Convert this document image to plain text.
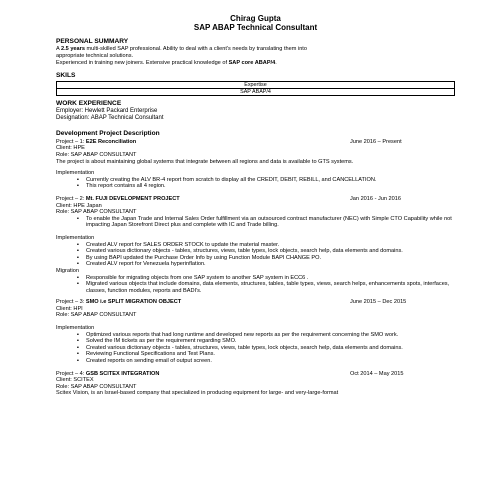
Chirag Gupta

SAP ABAP Technical Consultant

PERSONAL SUMMARY

A 2.5 years multi-skilled SAP professional. Ability to deal with a client's needs by translating them into

appropriate technical solutions.

Experienced in training new joiners. Extensive practical knowledge of SAP core ABAP/4.

SKILS
Expertise
SAP ABAP/4
WORK EXPERIENCE

Employer: Hewlett Packard Enterprise

Designation: ABAP Technical Consultant

Development Project Description
Project – 1: E2E Reconciliation	June 2016 – Present

Client: HPE

Role: SAP ABAP CONSULTANT

The project is about maintaining global systems that integrate between all regions and data is available to GTS systems.

Implementation

▪ Currently creating the ALV BR-4 report from scratch to display all the CREDIT, DEBIT, REBILL, and CANCELLATION.
▪ This report contains all 4 region.
Project – 2: Mt. FUJI DEVELOPMENT PROJECT	Jan 2016 - Jun 2016

Client: HPE Japan

Role: SAP ABAP CONSULTANT

▪ To enable the Japan Trade and Internal Sales Order fulfillment via an outsourced contract manufacturer (NEC) with Simple CTO Capability while not impacting Japan Storefront Direct plus and complete with IC and Trade billing.

Implementation

▪ Created ALV report for SALES ORDER STOCK to update the material master.
▪ Created various dictionary objects - tables, structures, views, table types, lock objects, search help, data elements and domains.
▪ By using BAPI updated the Purchase Order Info by using Function Module BAPI CHANGE PO.
▪ Created ALV report for Venezuela hyperinflation.

Migration

▪ Responsible for migrating objects from one SAP system to another SAP system in ECC6 .
▪ Migrated various objects that include domains, data elements, structures, tables, table types, views, search helps, enhancements spots, interfaces, classes, function modules, reports and BADI's.
Project – 3: SMO i.e SPLIT MIGRATION OBJECT	June 2015 – Dec 2015

Client: HPI

Role: SAP ABAP CONSULTANT

Implementation

▪ Optimized various reports that had long runtime and developed new reports as per the requirement concerning the SMO work.
▪ Solved the IM tickets as per the requirement regarding SMO.
▪ Created various dictionary objects - tables, structures, views, table types, lock objects, search help, data elements and domains.
▪ Reviewing Functional Specifications and Test Plans.
▪ Created reports on sending email of output screen.
Project – 4: GSB SCITEX INTEGRATION	Oct 2014 – May 2015

Client: SCITEX

Role: SAP ABAP CONSULTANT

Scitex Vision, is an Israel-based company that specialized in producing equipment for large- and very-large-format
